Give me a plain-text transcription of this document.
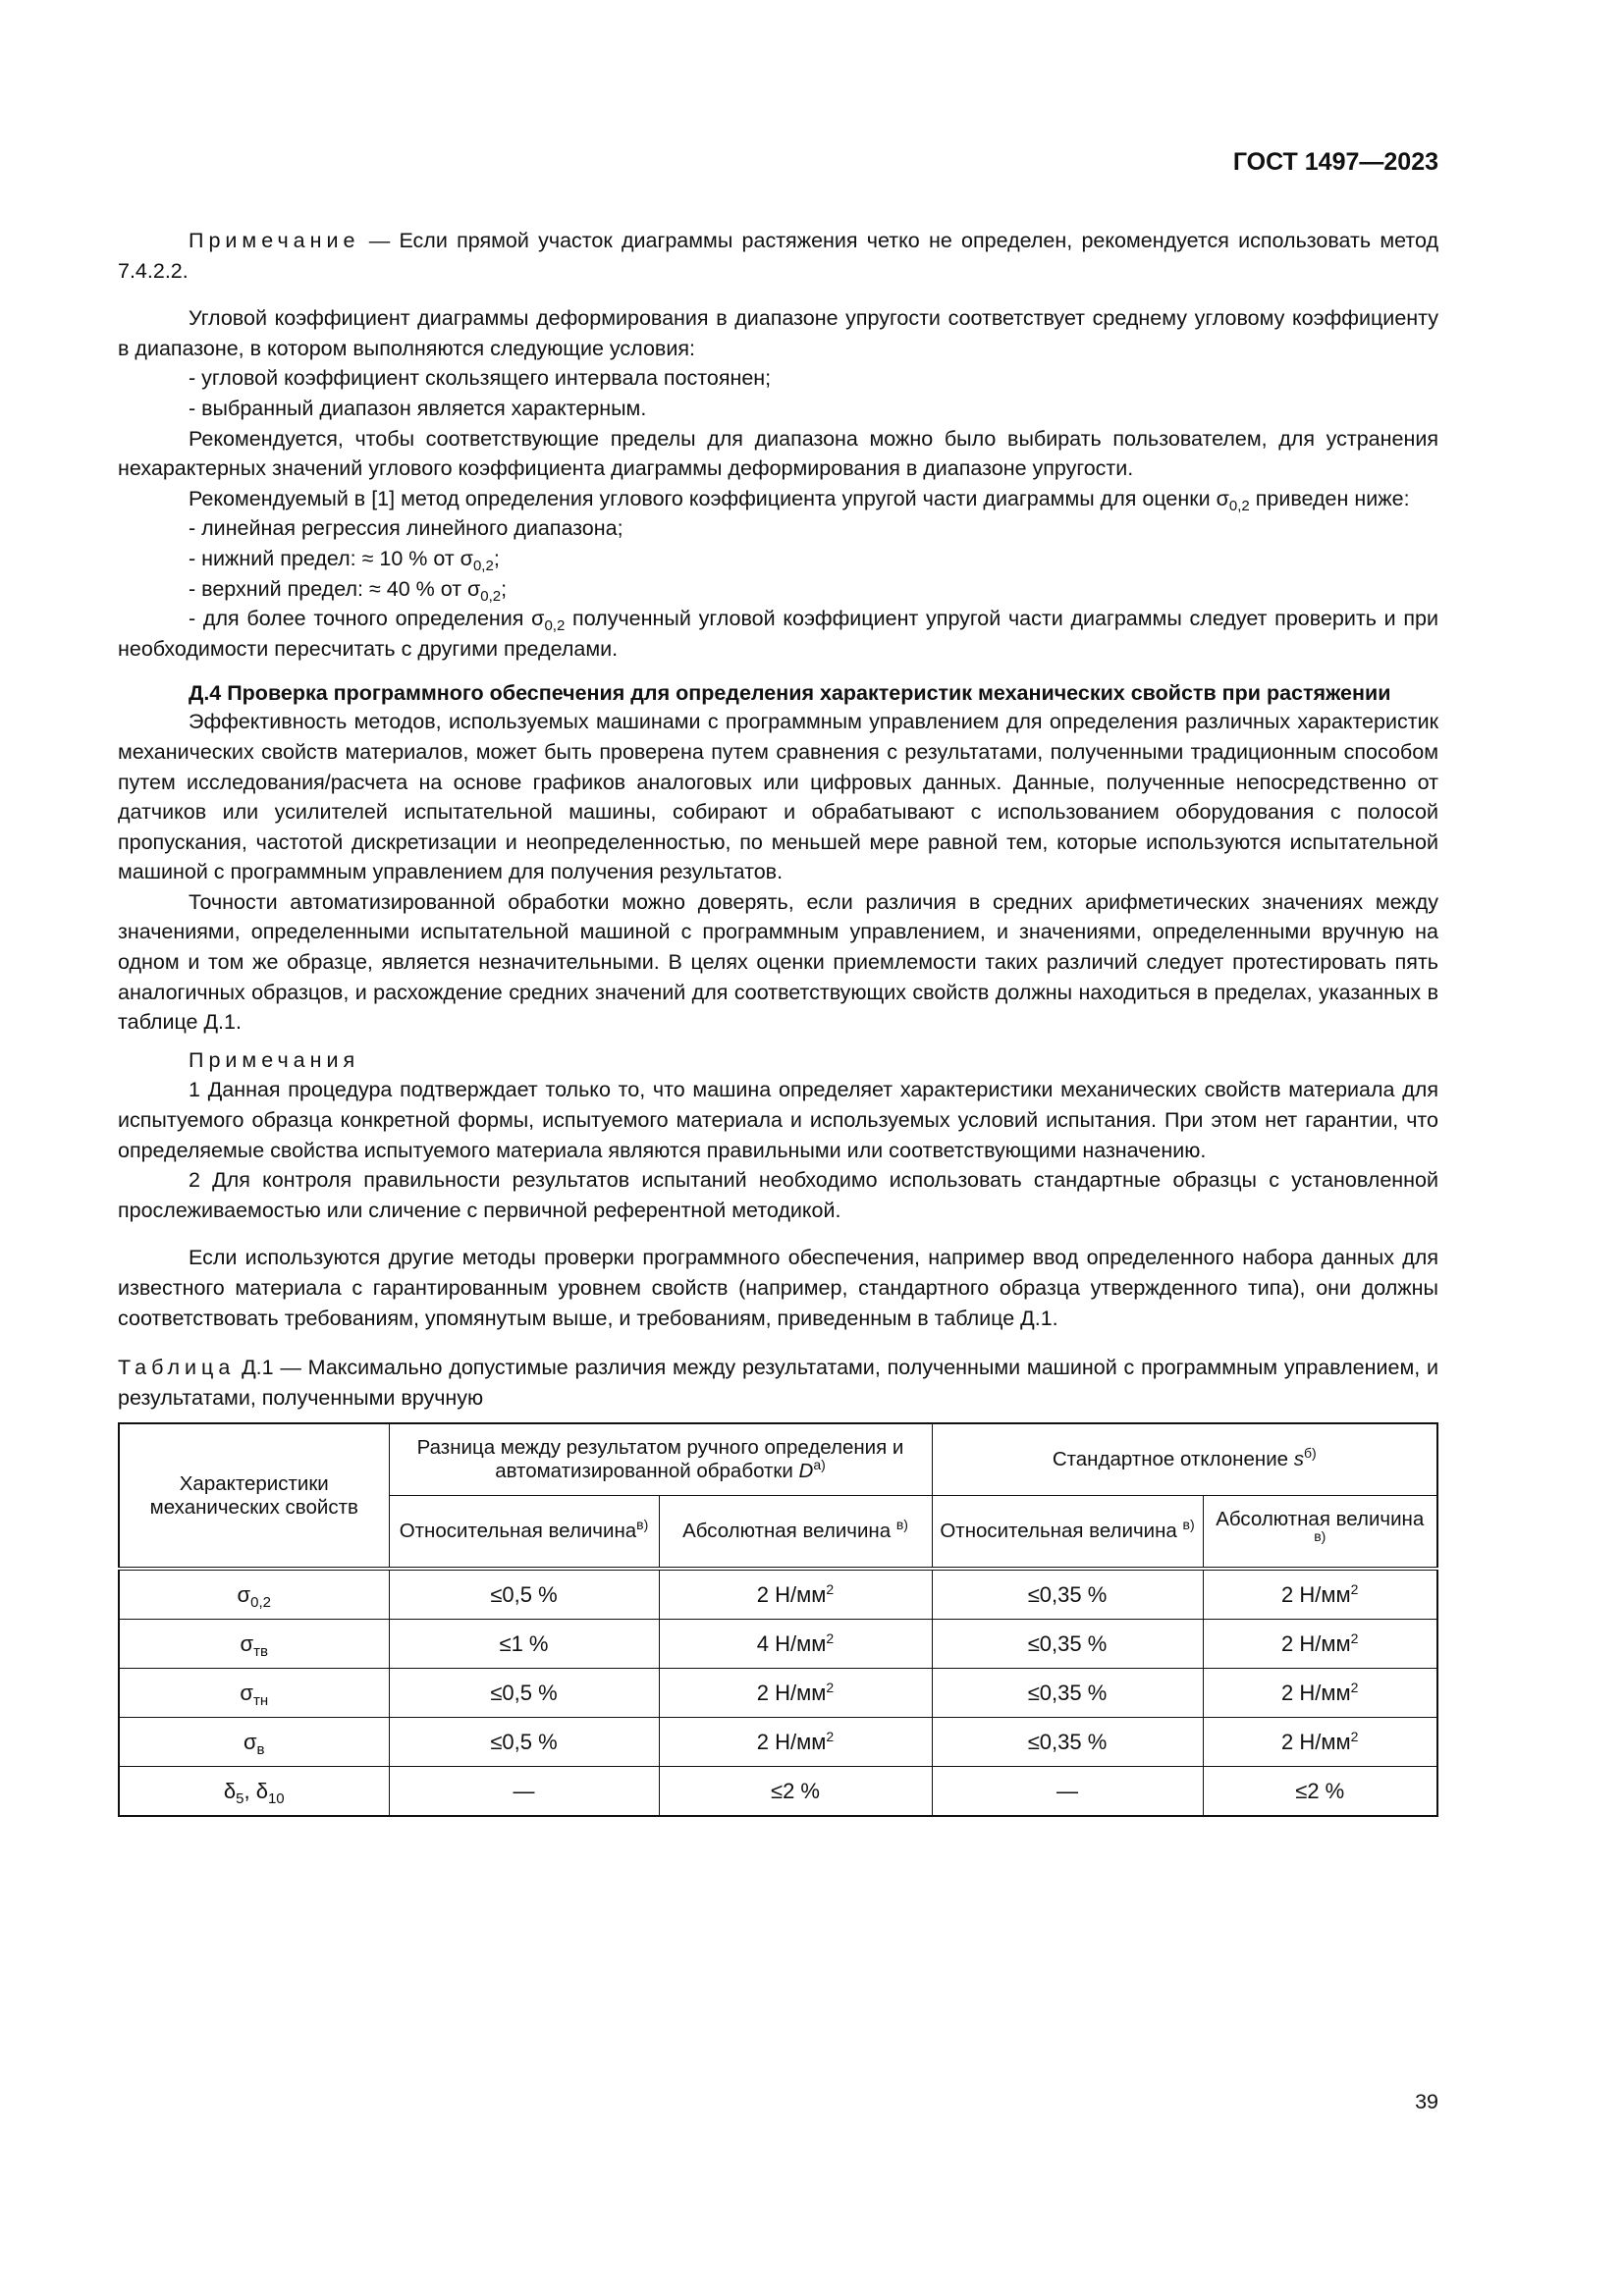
ГОСТ 1497—2023

Примечание — Если прямой участок диаграммы растяжения четко не определен, рекомендуется использовать метод 7.4.2.2.

Угловой коэффициент диаграммы деформирования в диапазоне упругости соответствует среднему угловому коэффициенту в диапазоне, в котором выполняются следующие условия:

- угловой коэффициент скользящего интервала постоянен;

- выбранный диапазон является характерным.

Рекомендуется, чтобы соответствующие пределы для диапазона можно было выбирать пользователем, для устранения нехарактерных значений углового коэффициента диаграммы деформирования в диапазоне упругости.

Рекомендуемый в [1] метод определения углового коэффициента упругой части диаграммы для оценки $\sigma_{0,2}$ приведен ниже:

- линейная регрессия линейного диапазона;

- нижний предел: ≈ 10 % от $\sigma_{0,2}$;

- верхний предел: ≈ 40 % от $\sigma_{0,2}$;

- для более точного определения $\sigma_{0,2}$ полученный угловой коэффициент упругой части диаграммы следует проверить и при необходимости пересчитать с другими пределами.

Д.4 Проверка программного обеспечения для определения характеристик механических свойств при растяжении

Эффективность методов, используемых машинами с программным управлением для определения различных характеристик механических свойств материалов, может быть проверена путем сравнения с результатами, полученными традиционным способом путем исследования/расчета на основе графиков аналоговых или цифровых данных. Данные, полученные непосредственно от датчиков или усилителей испытательной машины, собирают и обрабатывают с использованием оборудования с полосой пропускания, частотой дискретизации и неопределенностью, по меньшей мере равной тем, которые используются испытательной машиной с программным управлением для получения результатов.

Точности автоматизированной обработки можно доверять, если различия в средних арифметических значениях между значениями, определенными испытательной машиной с программным управлением, и значениями, определенными вручную на одном и том же образце, является незначительными. В целях оценки приемлемости таких различий следует протестировать пять аналогичных образцов, и расхождение средних значений для соответствующих свойств должны находиться в пределах, указанных в таблице Д.1.

Примечания

1 Данная процедура подтверждает только то, что машина определяет характеристики механических свойств материала для испытуемого образца конкретной формы, испытуемого материала и используемых условий испытания. При этом нет гарантии, что определяемые свойства испытуемого материала являются правильными или соответствующими назначению.

2 Для контроля правильности результатов испытаний необходимо использовать стандартные образцы с установленной прослеживаемостью или сличение с первичной референтной методикой.

Если используются другие методы проверки программного обеспечения, например ввод определенного набора данных для известного материала с гарантированным уровнем свойств (например, стандартного образца утвержденного типа), они должны соответствовать требованиям, упомянутым выше, и требованиям, приведенным в таблице Д.1.

Таблица Д.1 — Максимально допустимые различия между результатами, полученными машиной с программным управлением, и результатами, полученными вручную

Характеристики механических свойств	Разница между результатом ручного определения и автоматизированной обработки $D^{а)}$		Стандартное отклонение $s^{б)}$
	Относительная величина$^{в)}$	Абсолютная величина $^{в)}$	Относительная величина $^{в)}$	Абсолютная величина $^{в)}$
$\sigma_{0,2}$	≤0,5 %	2 $Н/мм^2$	≤0,35 %	2 $Н/мм^2$
$\sigma_{тв}$	≤1 %	4 $Н/мм^2$	≤0,35 %	2 $Н/мм^2$
$\sigma_{тн}$	≤0,5 %	2 $Н/мм^2$	≤0,35 %	2 $Н/мм^2$
$\sigma_в$	≤0,5 %	2 $Н/мм^2$	≤0,35 %	2 $Н/мм^2$
$\delta_5$, $\delta_{10}$	—	≤2 %	—	≤2 %
39
